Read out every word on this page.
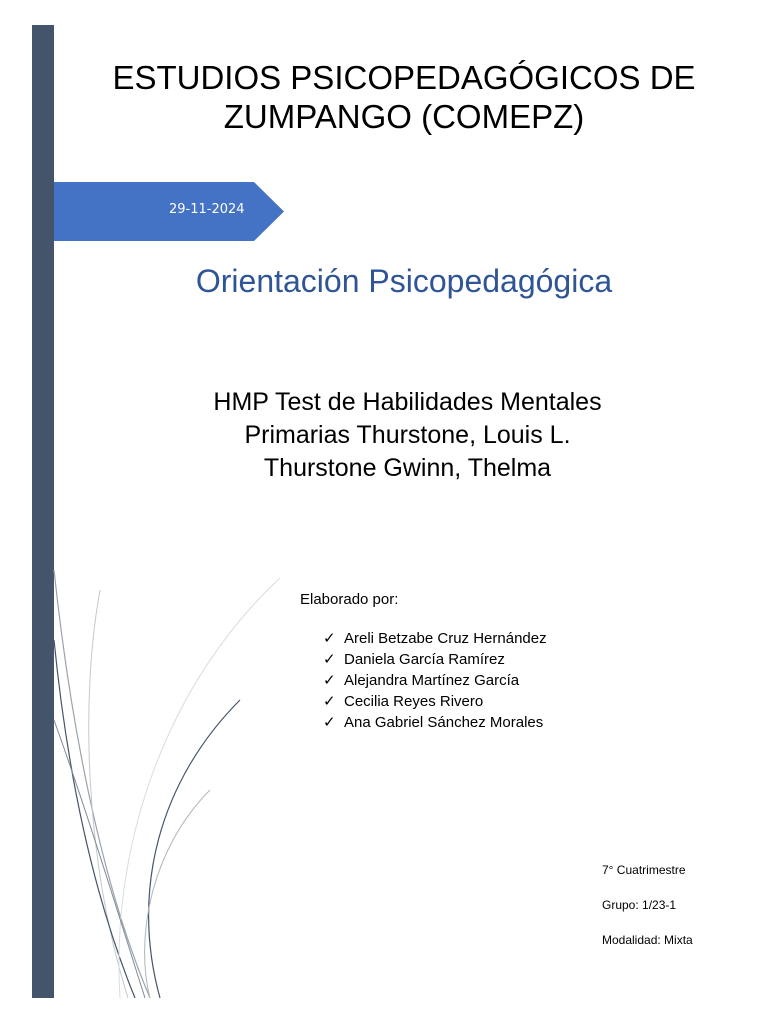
ESTUDIOS PSICOPEDAGÓGICOS DE
ZUMPANGO (COMEPZ)
29-11-2024
Orientación Psicopedagógica
HMP Test de Habilidades Mentales
Primarias Thurstone, Louis L.
Thurstone Gwinn, Thelma
Elaborado por:
✓ Areli Betzabe Cruz Hernández
✓ Daniela García Ramírez
✓ Alejandra Martínez García
✓ Cecilia Reyes Rivero
✓ Ana Gabriel Sánchez Morales
7° Cuatrimestre
Grupo: 1/23-1
Modalidad: Mixta
